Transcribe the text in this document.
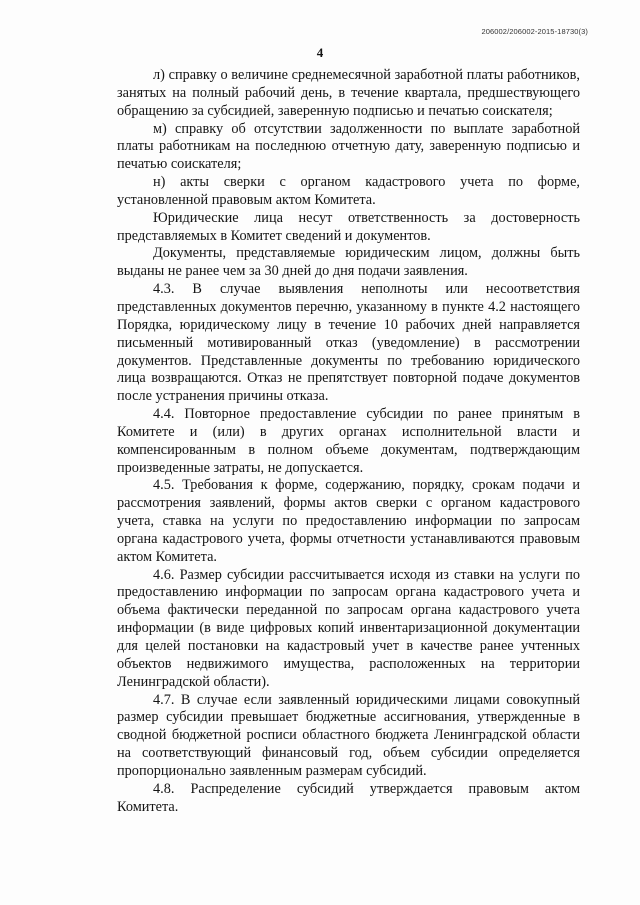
206002/206002-2015-18730(3)
4

л) справку о величине среднемесячной заработной платы работников, занятых на полный рабочий день, в течение квартала, предшествующего обращению за субсидией, заверенную подписью и печатью соискателя;

м) справку об отсутствии задолженности по выплате заработной платы работникам на последнюю отчетную дату, заверенную подписью и печатью соискателя;

н) акты сверки с органом кадастрового учета по форме, установленной правовым актом Комитета.

Юридические лица несут ответственность за достоверность представляемых в Комитет сведений и документов.

Документы, представляемые юридическим лицом, должны быть выданы не ранее чем за 30 дней до дня подачи заявления.

4.3. В случае выявления неполноты или несоответствия представленных документов перечню, указанному в пункте 4.2 настоящего Порядка, юридическому лицу в течение 10 рабочих дней направляется письменный мотивированный отказ (уведомление) в рассмотрении документов. Представленные документы по требованию юридического лица возвращаются. Отказ не препятствует повторной подаче документов после устранения причины отказа.

4.4. Повторное предоставление субсидии по ранее принятым в Комитете и (или) в других органах исполнительной власти и компенсированным в полном объеме документам, подтверждающим произведенные затраты, не допускается.

4.5. Требования к форме, содержанию, порядку, срокам подачи и рассмотрения заявлений, формы актов сверки с органом кадастрового учета, ставка на услуги по предоставлению информации по запросам органа кадастрового учета, формы отчетности устанавливаются правовым актом Комитета.

4.6. Размер субсидии рассчитывается исходя из ставки на услуги по предоставлению информации по запросам органа кадастрового учета и объема фактически переданной по запросам органа кадастрового учета информации (в виде цифровых копий инвентаризационной документации для целей постановки на кадастровый учет в качестве ранее учтенных объектов недвижимого имущества, расположенных на территории Ленинградской области).

4.7. В случае если заявленный юридическими лицами совокупный размер субсидии превышает бюджетные ассигнования, утвержденные в сводной бюджетной росписи областного бюджета Ленинградской области на соответствующий финансовый год, объем субсидии определяется пропорционально заявленным размерам субсидий.

4.8. Распределение субсидий утверждается правовым актом Комитета.
